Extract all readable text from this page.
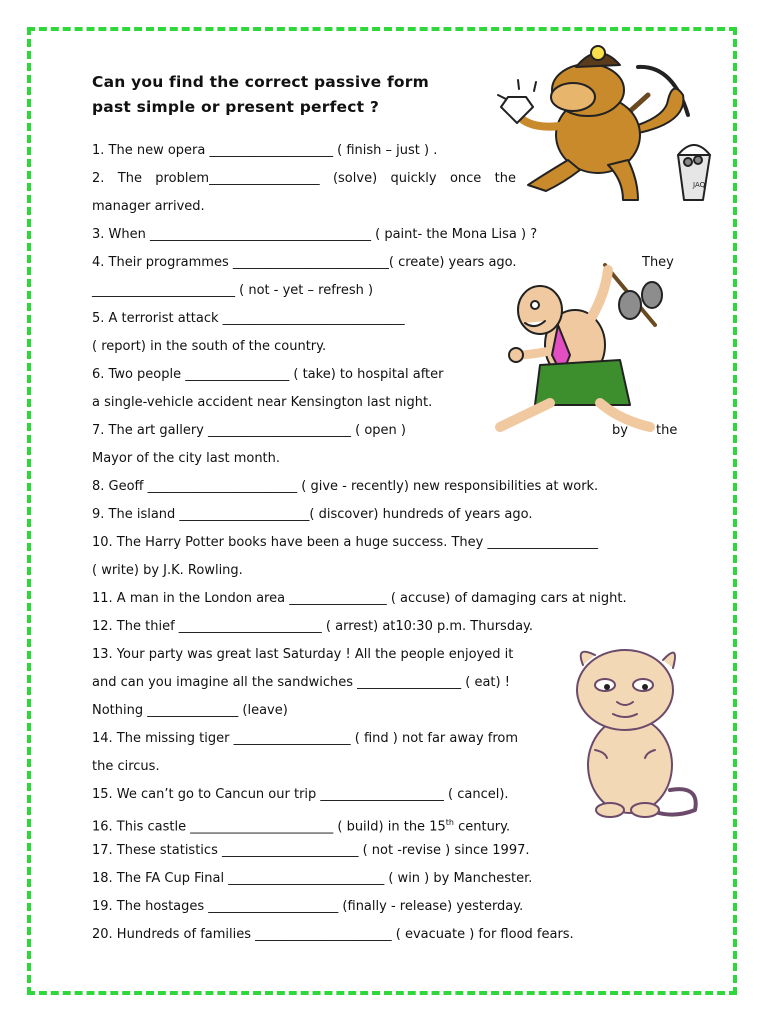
Can you find the correct passive form
past simple or present perfect ?
1. The new opera ___________________ ( finish – just ) .
2. The problem_________________ (solve) quickly once the
manager arrived.
3. When __________________________________ ( paint- the Mona Lisa ) ?
4. Their programmes ________________________( create) years ago.	They
______________________ ( not - yet – refresh )
5. A terrorist attack ____________________________
( report) in the south of the country.
6. Two people ________________ ( take) to hospital after
a single-vehicle accident near Kensington last night.
7. The art gallery ______________________ ( open )	by the
Mayor of the city last month.
8. Geoff _______________________ ( give - recently) new responsibilities at work.
9. The island ____________________( discover) hundreds of years ago.
10. The Harry Potter books have been a huge success. They _________________
( write) by J.K. Rowling.
11. A man in the London area _______________ ( accuse) of damaging cars at night.
12. The thief ______________________ ( arrest) at10:30 p.m. Thursday.
13. Your party was great last Saturday ! All the people enjoyed it
and can you imagine all the sandwiches ________________ ( eat) !
Nothing ______________ (leave)
14. The missing tiger __________________ ( find ) not far away from
the circus.
15. We can’t go to Cancun our trip ___________________ ( cancel).
16. This castle ______________________ ( build) in the 15th century.
17. These statistics _____________________ ( not -revise ) since 1997.
18. The FA Cup Final ________________________ ( win ) by Manchester.
19. The hostages ____________________ (finally - release) yesterday.
20. Hundreds of families _____________________ ( evacuate ) for flood fears.
JAQ
